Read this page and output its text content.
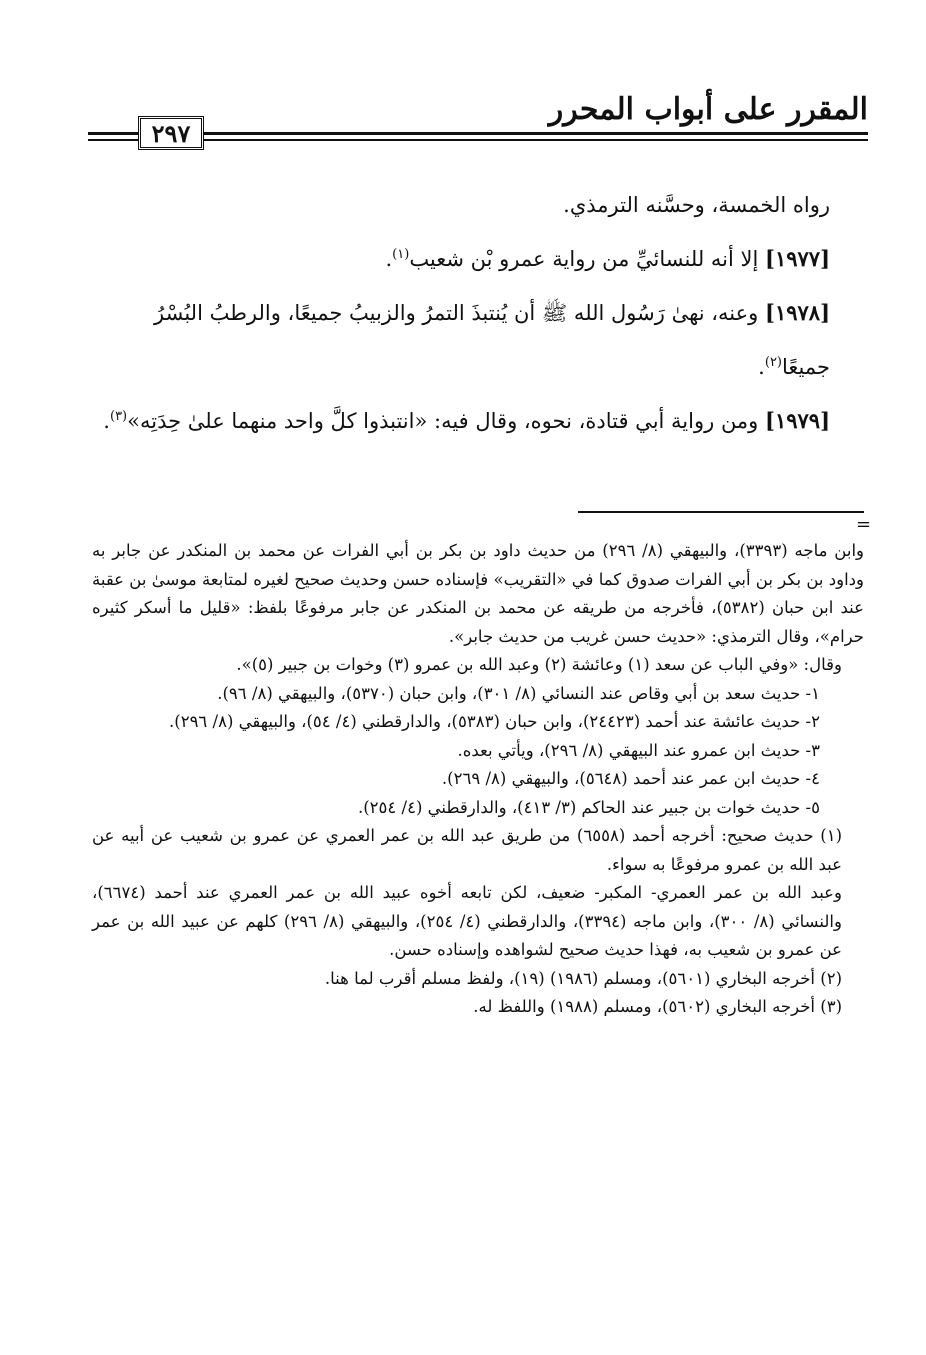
المقرر على أبواب المحرر
٢٩٧

رواه الخمسة، وحسَّنه الترمذي.

[١٩٧٧] إلا أنه للنسائيِّ من رواية عمرو بْن شعيب$^{(١)}$.

[١٩٧٨] وعنه، نهىٰ رَسُول الله ﷺ أن يُنتبذَ التمرُ والزبيبُ جميعًا، والرطبُ البُسْرُ جميعًا$^{(٢)}$.

[١٩٧٩] ومن رواية أبي قتادة، نحوه، وقال فيه: «انتبذوا كلَّ واحد منهما علىٰ حِدَتِه»$^{(٣)}$.

=

وابن ماجه (٣٣٩٣)، والبيهقي (٨/ ٢٩٦) من حديث داود بن بكر بن أبي الفرات عن محمد بن المنكدر عن جابر به وداود بن بكر بن أبي الفرات صدوق كما في «التقريب» فإسناده حسن وحديث صحيح لغيره لمتابعة موسىٰ بن عقبة عند ابن حبان (٥٣٨٢)، فأخرجه من طريقه عن محمد بن المنكدر عن جابر مرفوعًا بلفظ: «قليل ما أسكر كثيره حرام»، وقال الترمذي: «حديث حسن غريب من حديث جابر».

وقال: «وفي الباب عن سعد (١) وعائشة (٢) وعبد الله بن عمرو (٣) وخوات بن جبير (٥)».

١- حديث سعد بن أبي وقاص عند النسائي (٨/ ٣٠١)، وابن حبان (٥٣٧٠)، والبيهقي (٨/ ٩٦).

٢- حديث عائشة عند أحمد (٢٤٤٢٣)، وابن حبان (٥٣٨٣)، والدارقطني (٤/ ٥٤)، والبيهقي (٨/ ٢٩٦).

٣- حديث ابن عمرو عند البيهقي (٨/ ٢٩٦)، ويأتي بعده.

٤- حديث ابن عمر عند أحمد (٥٦٤٨)، والبيهقي (٨/ ٢٦٩).

٥- حديث خوات بن جبير عند الحاكم (٣/ ٤١٣)، والدارقطني (٤/ ٢٥٤).

(١) حديث صحيح: أخرجه أحمد (٦٥٥٨) من طريق عبد الله بن عمر العمري عن عمرو بن شعيب عن أبيه عن عبد الله بن عمرو مرفوعًا به سواء.

وعبد الله بن عمر العمري- المكبر- ضعيف، لكن تابعه أخوه عبيد الله بن عمر العمري عند أحمد (٦٦٧٤)، والنسائي (٨/ ٣٠٠)، وابن ماجه (٣٣٩٤)، والدارقطني (٤/ ٢٥٤)، والبيهقي (٨/ ٢٩٦) كلهم عن عبيد الله بن عمر عن عمرو بن شعيب به، فهذا حديث صحيح لشواهده وإسناده حسن.

(٢) أخرجه البخاري (٥٦٠١)، ومسلم (١٩٨٦) (١٩)، ولفظ مسلم أقرب لما هنا.

(٣) أخرجه البخاري (٥٦٠٢)، ومسلم (١٩٨٨) واللفظ له.
